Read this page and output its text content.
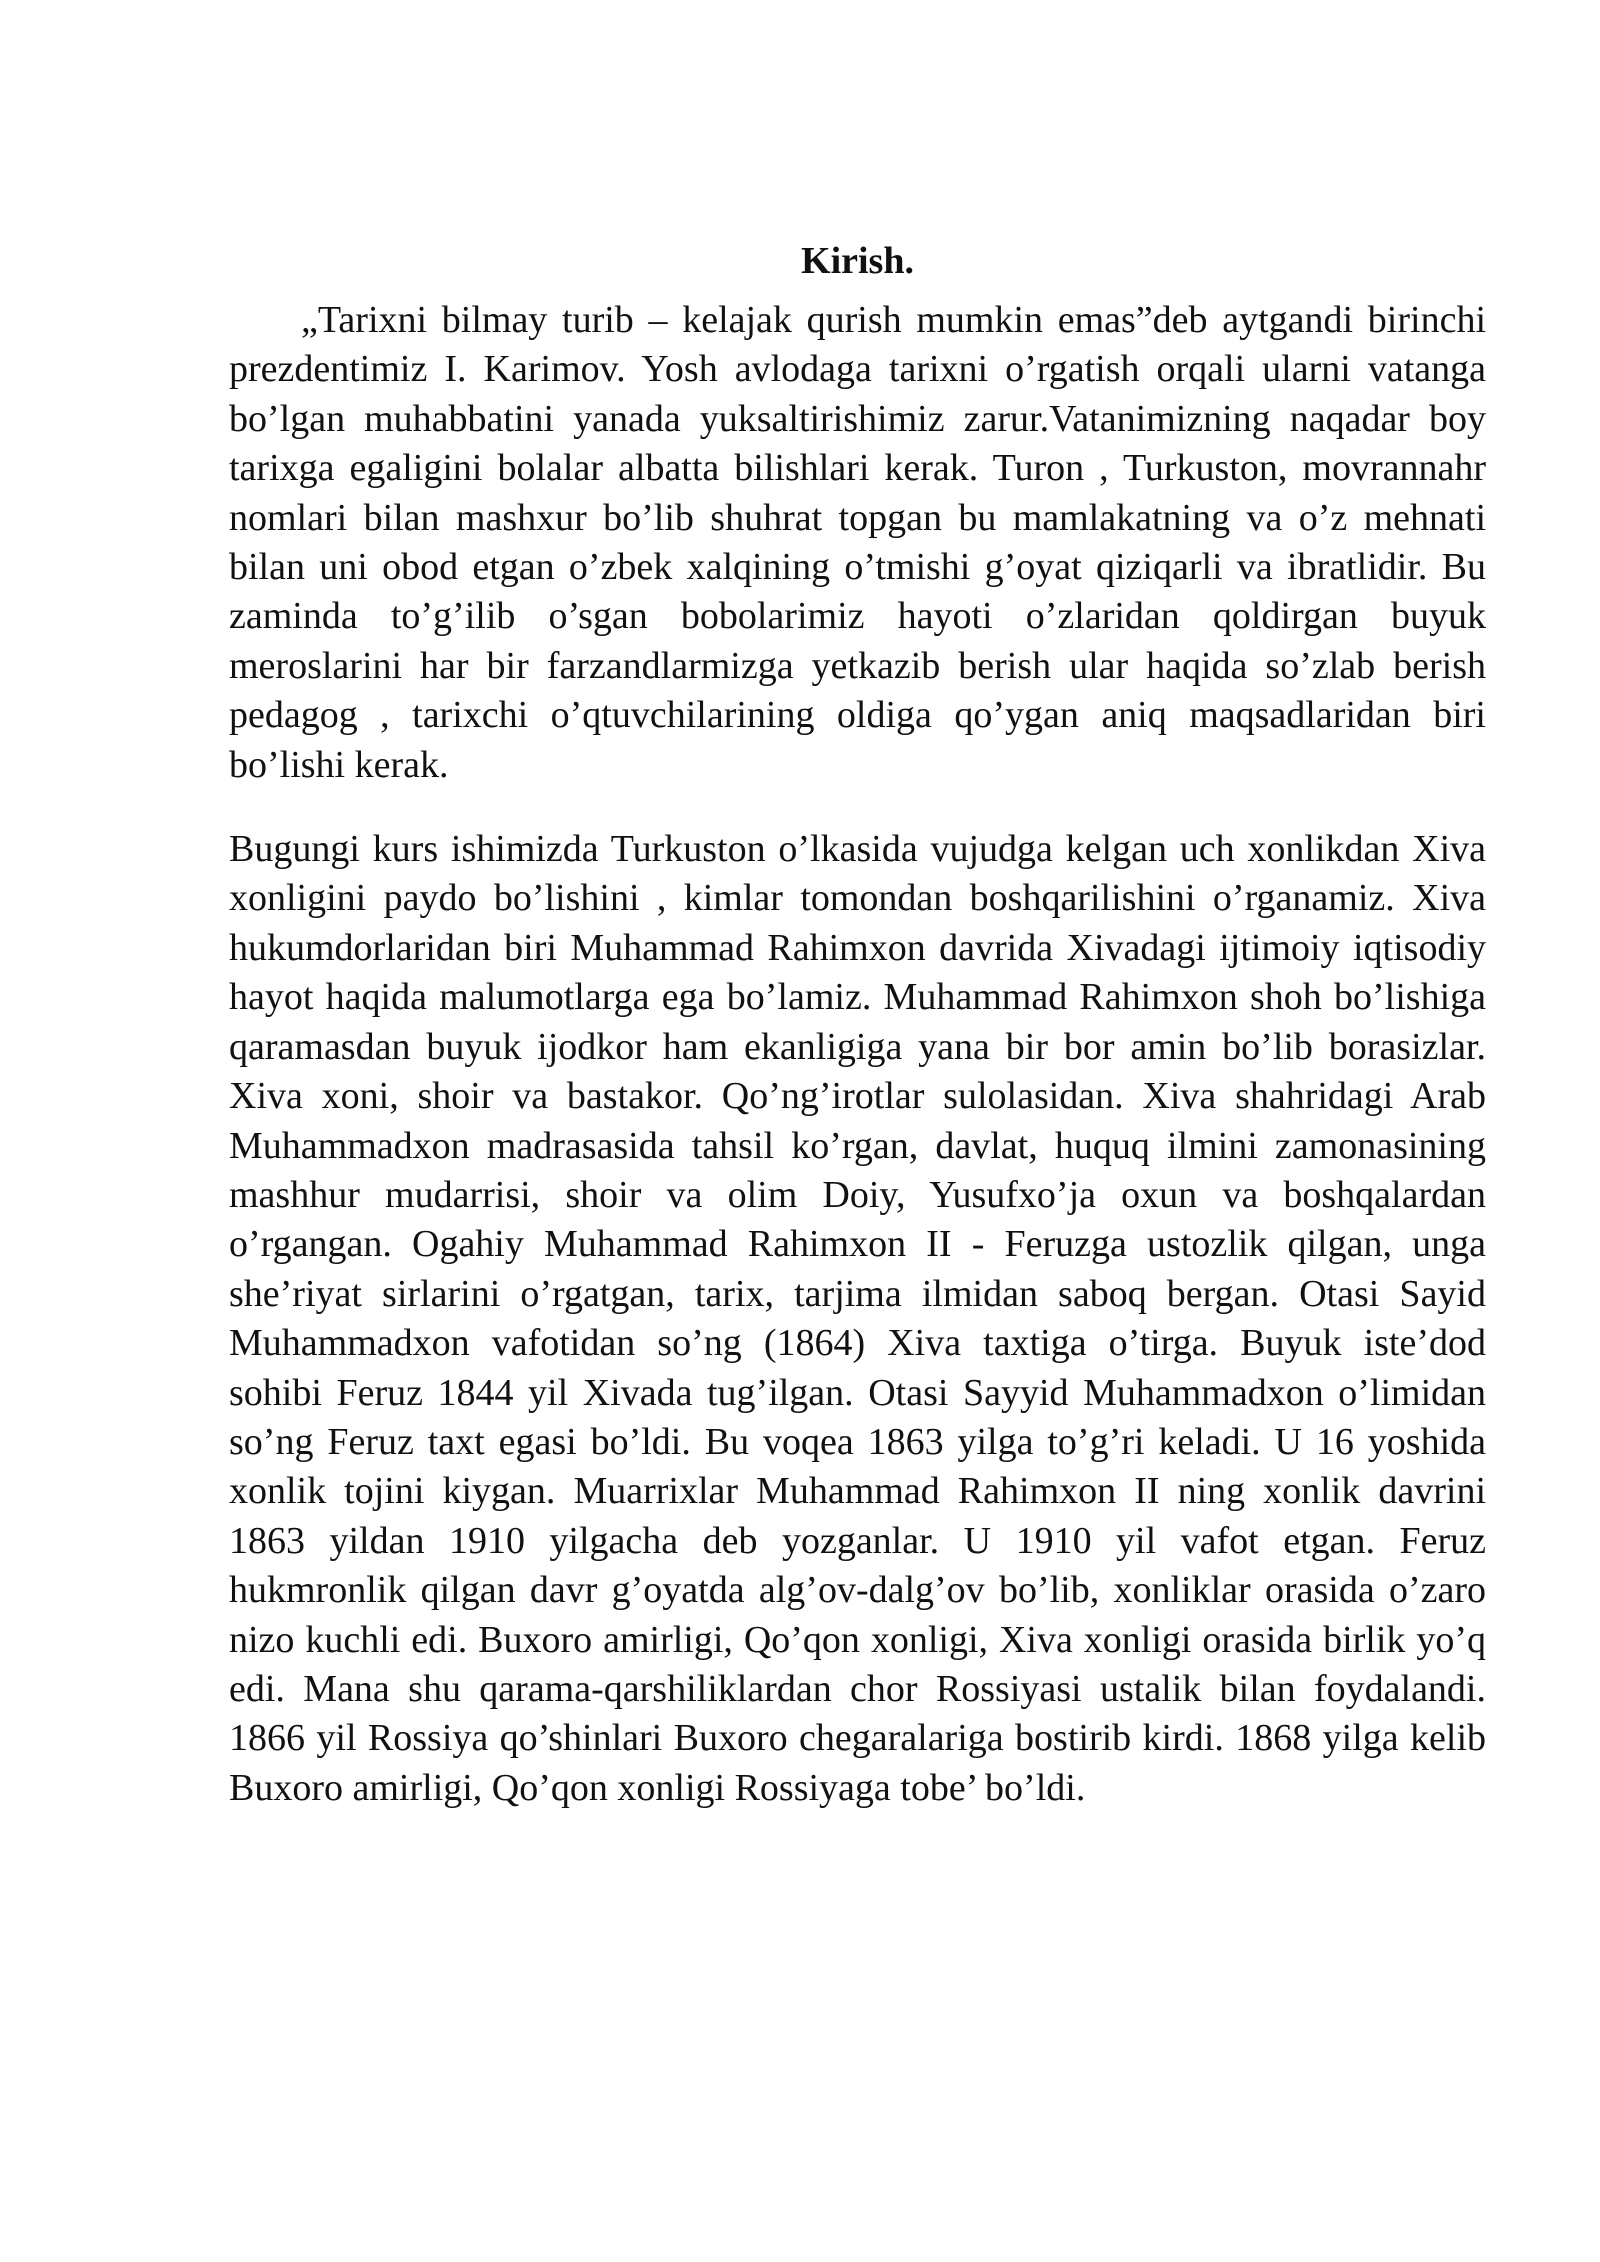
Kirish.

„Tarixni bilmay turib – kelajak qurish mumkin emas”deb aytgandi birinchi prezdentimiz I. Karimov. Yosh avlodaga tarixni o’rgatish orqali ularni vatanga bo’lgan muhabbatini yanada yuksaltirishimiz zarur.Vatanimizning naqadar boy tarixga egaligini bolalar albatta bilishlari kerak. Turon , Turkuston, movrannahr nomlari bilan mashxur bo’lib shuhrat topgan bu mamlakatning va o’z mehnati bilan uni obod etgan o’zbek xalqining o’tmishi g’oyat qiziqarli va ibratlidir. Bu zaminda to’g’ilib o’sgan bobolarimiz hayoti o’zlaridan qoldirgan buyuk meroslarini har bir farzandlarmizga yetkazib berish ular haqida so’zlab berish pedagog , tarixchi o’qtuvchilarining oldiga qo’ygan aniq maqsadlaridan biri bo’lishi kerak.

Bugungi kurs ishimizda Turkuston o’lkasida vujudga kelgan uch xonlikdan Xiva xonligini paydo bo’lishini , kimlar tomondan boshqarilishini o’rganamiz. Xiva hukumdorlaridan biri Muhammad Rahimxon davrida Xivadagi ijtimoiy iqtisodiy hayot haqida malumotlarga ega bo’lamiz. Muhammad Rahimxon shoh bo’lishiga qaramasdan buyuk ijodkor ham ekanligiga yana bir bor amin bo’lib borasizlar. Xiva xoni, shoir va bastakor. Qo’ng’irotlar sulolasidan. Xiva shahridagi Arab Muhammadxon madrasasida tahsil ko’rgan, davlat, huquq ilmini zamonasining mashhur mudarrisi, shoir va olim Doiy, Yusufxo’ja oxun va boshqalardan o’rgangan. Ogahiy Muhammad Rahimxon II - Feruzga ustozlik qilgan, unga she’riyat sirlarini o’rgatgan, tarix, tarjima ilmidan saboq bergan. Otasi Sayid Muhammadxon vafotidan so’ng (1864) Xiva taxtiga o’tirga. Buyuk iste’dod sohibi Feruz 1844 yil Xivada tug’ilgan. Otasi Sayyid Muhammadxon o’limidan so’ng Feruz taxt egasi bo’ldi. Bu voqea 1863 yilga to’g’ri keladi. U 16 yoshida xonlik tojini kiygan. Muarrixlar Muhammad Rahimxon II ning xonlik davrini 1863 yildan 1910 yilgacha deb yozganlar. U 1910 yil vafot etgan. Feruz hukmronlik qilgan davr g’oyatda alg’ov-dalg’ov bo’lib, xonliklar orasida o’zaro nizo kuchli edi. Buxoro amirligi, Qo’qon xonligi, Xiva xonligi orasida birlik yo’q edi. Mana shu qarama-qarshiliklardan chor Rossiyasi ustalik bilan foydalandi. 1866 yil Rossiya qo’shinlari Buxoro chegaralariga bostirib kirdi. 1868 yilga kelib Buxoro amirligi, Qo’qon xonligi Rossiyaga tobe’ bo’ldi.
